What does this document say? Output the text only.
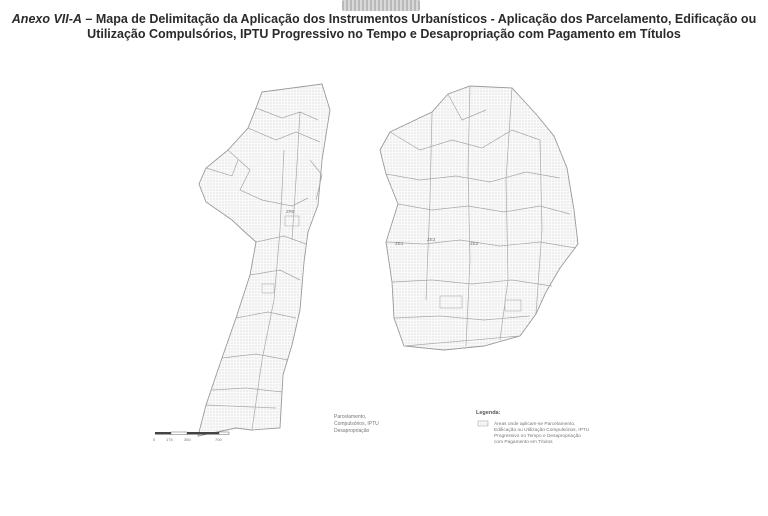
Anexo VII-A – Mapa de Delimitação da Aplicação dos Instrumentos Urbanísticos - Aplicação dos Parcelamento, Edificação ou
Utilização Compulsórios, IPTU Progressivo no Tempo e Desapropriação com Pagamento em Títulos
ZR5
ZE1
ZE3
ZE2
Parcelamento,
Compulsórios, IPTU
Desapropriação
0	175	350	700
Legenda:
Áreas onde aplicam-se Parcelamento,
Edificação ou Utilização Compulsórios, IPTU
Progressivo no Tempo e Desapropriação
com Pagamento em Títulos
